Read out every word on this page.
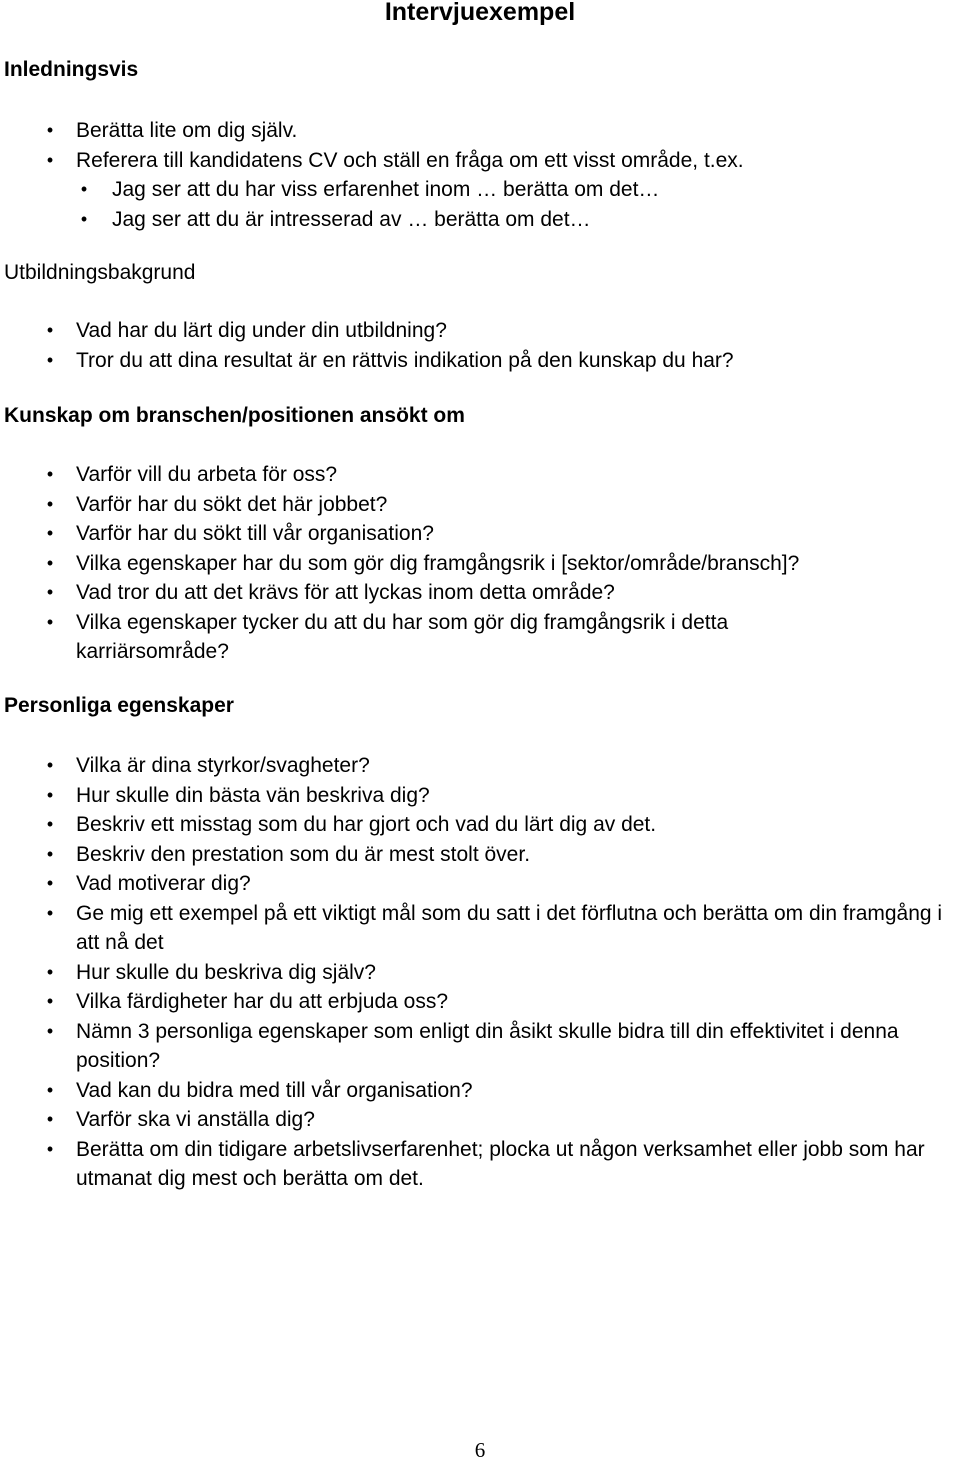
Intervjuexempel
Inledningsvis
•	Berätta lite om dig själv.
•	Referera till kandidatens CV och ställ en fråga om ett visst område, t.ex.
•	Jag ser att du har viss erfarenhet inom … berätta om det…
•	Jag ser att du är intresserad av … berätta om det…
Utbildningsbakgrund
•	Vad har du lärt dig under din utbildning?
•	Tror du att dina resultat är en rättvis indikation på den kunskap du har?
Kunskap om branschen/positionen ansökt om
•	Varför vill du arbeta för oss?
•	Varför har du sökt det här jobbet?
•	Varför har du sökt till vår organisation?
•	Vilka egenskaper har du som gör dig framgångsrik i [sektor/område/bransch]?
•	Vad tror du att det krävs för att lyckas inom detta område?
•	Vilka egenskaper tycker du att du har som gör dig framgångsrik i detta karriärsområde?
Personliga egenskaper
•	Vilka är dina styrkor/svagheter?
•	Hur skulle din bästa vän beskriva dig?
•	Beskriv ett misstag som du har gjort och vad du lärt dig av det.
•	Beskriv den prestation som du är mest stolt över.
•	Vad motiverar dig?
•	Ge mig ett exempel på ett viktigt mål som du satt i det förflutna och berätta om din framgång i att nå det
•	Hur skulle du beskriva dig själv?
•	Vilka färdigheter har du att erbjuda oss?
•	Nämn 3 personliga egenskaper som enligt din åsikt skulle bidra till din effektivitet i denna position?
•	Vad kan du bidra med till vår organisation?
•	Varför ska vi anställa dig?
•	Berätta om din tidigare arbetslivserfarenhet; plocka ut någon verksamhet eller jobb som har utmanat dig mest och berätta om det.
6
